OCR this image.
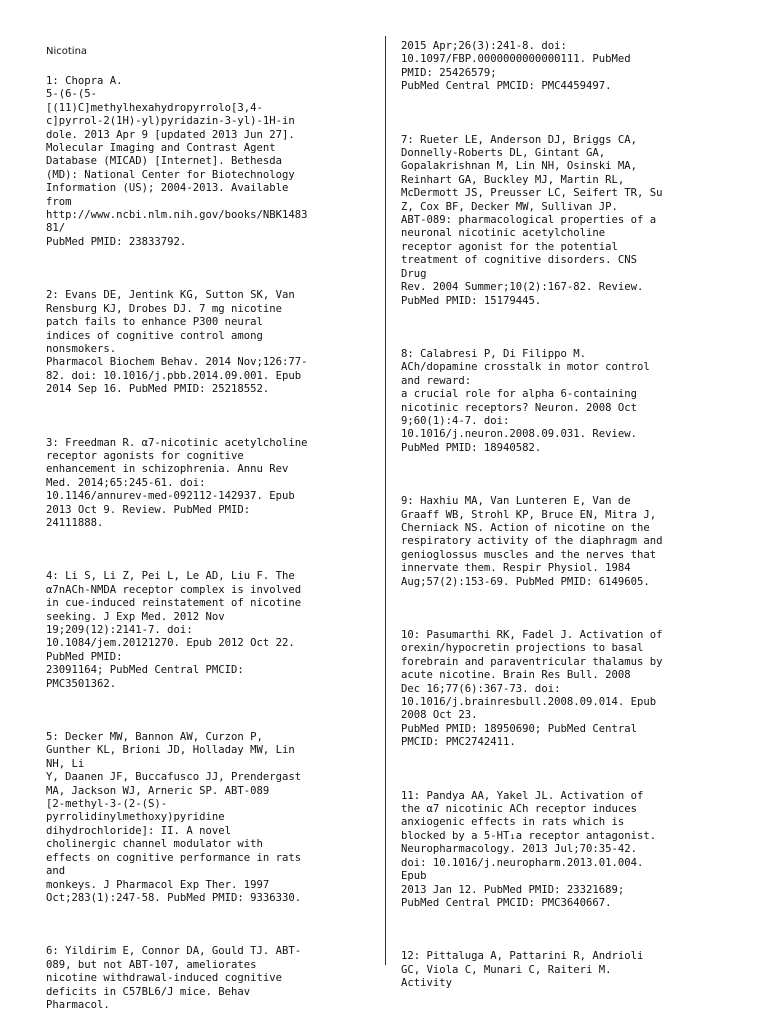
Nicotina
1: Chopra A.
5-(6-(5-
[(11)C]methylhexahydropyrrolo[3,4-
c]pyrrol-2(1H)-yl)pyridazin-3-yl)-1H-in
dole. 2013 Apr 9 [updated 2013 Jun 27].
Molecular Imaging and Contrast Agent
Database (MICAD) [Internet]. Bethesda
(MD): National Center for Biotechnology
Information (US); 2004-2013. Available
from
http://www.ncbi.nlm.nih.gov/books/NBK1483
81/
PubMed PMID: 23833792.
2: Evans DE, Jentink KG, Sutton SK, Van
Rensburg KJ, Drobes DJ. 7 mg nicotine
patch fails to enhance P300 neural
indices of cognitive control among
nonsmokers.
Pharmacol Biochem Behav. 2014 Nov;126:77-
82. doi: 10.1016/j.pbb.2014.09.001. Epub
2014 Sep 16. PubMed PMID: 25218552.
3: Freedman R. α7-nicotinic acetylcholine
receptor agonists for cognitive
enhancement in schizophrenia. Annu Rev
Med. 2014;65:245-61. doi:
10.1146/annurev-med-092112-142937. Epub
2013 Oct 9. Review. PubMed PMID:
24111888.
4: Li S, Li Z, Pei L, Le AD, Liu F. The
α7nACh-NMDA receptor complex is involved
in cue-induced reinstatement of nicotine
seeking. J Exp Med. 2012 Nov
19;209(12):2141-7. doi:
10.1084/jem.20121270. Epub 2012 Oct 22.
PubMed PMID:
23091164; PubMed Central PMCID:
PMC3501362.
5: Decker MW, Bannon AW, Curzon P,
Gunther KL, Brioni JD, Holladay MW, Lin
NH, Li
Y, Daanen JF, Buccafusco JJ, Prendergast
MA, Jackson WJ, Arneric SP. ABT-089
[2-methyl-3-(2-(S)-
pyrrolidinylmethoxy)pyridine
dihydrochloride]: II. A novel
cholinergic channel modulator with
effects on cognitive performance in rats
and
monkeys. J Pharmacol Exp Ther. 1997
Oct;283(1):247-58. PubMed PMID: 9336330.
6: Yildirim E, Connor DA, Gould TJ. ABT-
089, but not ABT-107, ameliorates
nicotine withdrawal-induced cognitive
deficits in C57BL6/J mice. Behav
Pharmacol.
2015 Apr;26(3):241-8. doi:
10.1097/FBP.0000000000000111. PubMed
PMID: 25426579;
PubMed Central PMCID: PMC4459497.
7: Rueter LE, Anderson DJ, Briggs CA,
Donnelly-Roberts DL, Gintant GA,
Gopalakrishnan M, Lin NH, Osinski MA,
Reinhart GA, Buckley MJ, Martin RL,
McDermott JS, Preusser LC, Seifert TR, Su
Z, Cox BF, Decker MW, Sullivan JP.
ABT-089: pharmacological properties of a
neuronal nicotinic acetylcholine
receptor agonist for the potential
treatment of cognitive disorders. CNS
Drug
Rev. 2004 Summer;10(2):167-82. Review.
PubMed PMID: 15179445.
8: Calabresi P, Di Filippo M.
ACh/dopamine crosstalk in motor control
and reward:
a crucial role for alpha 6-containing
nicotinic receptors? Neuron. 2008 Oct
9;60(1):4-7. doi:
10.1016/j.neuron.2008.09.031. Review.
PubMed PMID: 18940582.
9: Haxhiu MA, Van Lunteren E, Van de
Graaff WB, Strohl KP, Bruce EN, Mitra J,
Cherniack NS. Action of nicotine on the
respiratory activity of the diaphragm and
genioglossus muscles and the nerves that
innervate them. Respir Physiol. 1984
Aug;57(2):153-69. PubMed PMID: 6149605.
10: Pasumarthi RK, Fadel J. Activation of
orexin/hypocretin projections to basal
forebrain and paraventricular thalamus by
acute nicotine. Brain Res Bull. 2008
Dec 16;77(6):367-73. doi:
10.1016/j.brainresbull.2008.09.014. Epub
2008 Oct 23.
PubMed PMID: 18950690; PubMed Central
PMCID: PMC2742411.
11: Pandya AA, Yakel JL. Activation of
the α7 nicotinic ACh receptor induces
anxiogenic effects in rats which is
blocked by a 5-HT₁a receptor antagonist.
Neuropharmacology. 2013 Jul;70:35-42.
doi: 10.1016/j.neuropharm.2013.01.004.
Epub
2013 Jan 12. PubMed PMID: 23321689;
PubMed Central PMCID: PMC3640667.
12: Pittaluga A, Pattarini R, Andrioli
GC, Viola C, Munari C, Raiteri M.
Activity
